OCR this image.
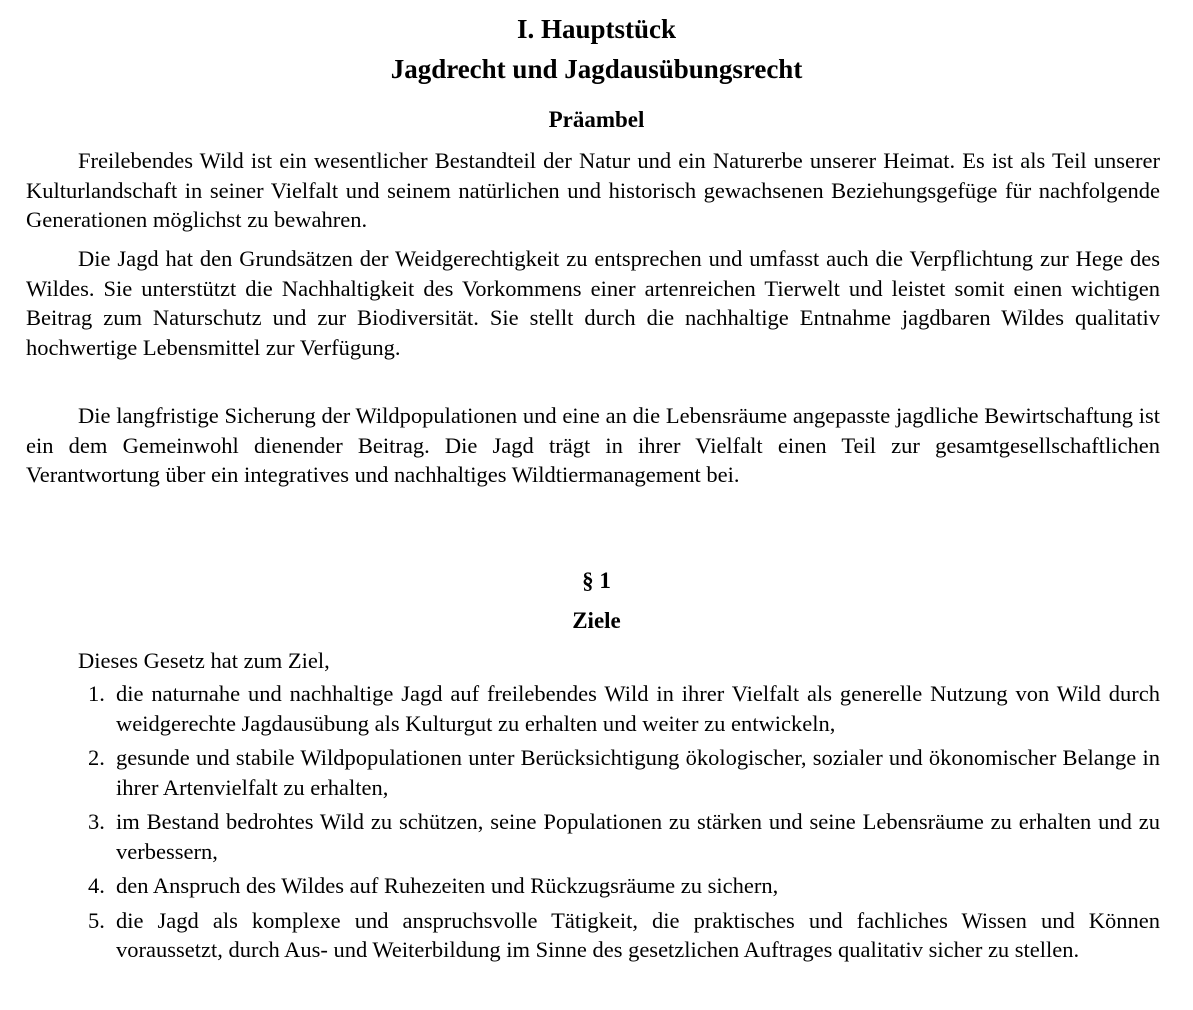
I. Hauptstück
Jagdrecht und Jagdausübungsrecht
Präambel

Freilebendes Wild ist ein wesentlicher Bestandteil der Natur und ein Naturerbe unserer Heimat. Es ist als Teil unserer Kulturlandschaft in seiner Vielfalt und seinem natürlichen und historisch gewachsenen Beziehungsgefüge für nachfolgende Generationen möglichst zu bewahren.

Die Jagd hat den Grundsätzen der Weidgerechtigkeit zu entsprechen und umfasst auch die Verpflichtung zur Hege des Wildes. Sie unterstützt die Nachhaltigkeit des Vorkommens einer artenreichen Tierwelt und leistet somit einen wichtigen Beitrag zum Naturschutz und zur Biodiversität. Sie stellt durch die nachhaltige Entnahme jagdbaren Wildes qualitativ hochwertige Lebensmittel zur Verfügung.

Die langfristige Sicherung der Wildpopulationen und eine an die Lebensräume angepasste jagdliche Bewirtschaftung ist ein dem Gemeinwohl dienender Beitrag. Die Jagd trägt in ihrer Vielfalt einen Teil zur gesamtgesellschaftlichen Verantwortung über ein integratives und nachhaltiges Wildtiermanagement bei.

§ 1
Ziele
Dieses Gesetz hat zum Ziel,
1. die naturnahe und nachhaltige Jagd auf freilebendes Wild in ihrer Vielfalt als generelle Nutzung von Wild durch weidgerechte Jagdausübung als Kulturgut zu erhalten und weiter zu entwickeln,
2. gesunde und stabile Wildpopulationen unter Berücksichtigung ökologischer, sozialer und ökonomischer Belange in ihrer Artenvielfalt zu erhalten,
3. im Bestand bedrohtes Wild zu schützen, seine Populationen zu stärken und seine Lebensräume zu erhalten und zu verbessern,
4. den Anspruch des Wildes auf Ruhezeiten und Rückzugsräume zu sichern,
5. die Jagd als komplexe und anspruchsvolle Tätigkeit, die praktisches und fachliches Wissen und Können voraussetzt, durch Aus- und Weiterbildung im Sinne des gesetzlichen Auftrages qualitativ sicher zu stellen.
